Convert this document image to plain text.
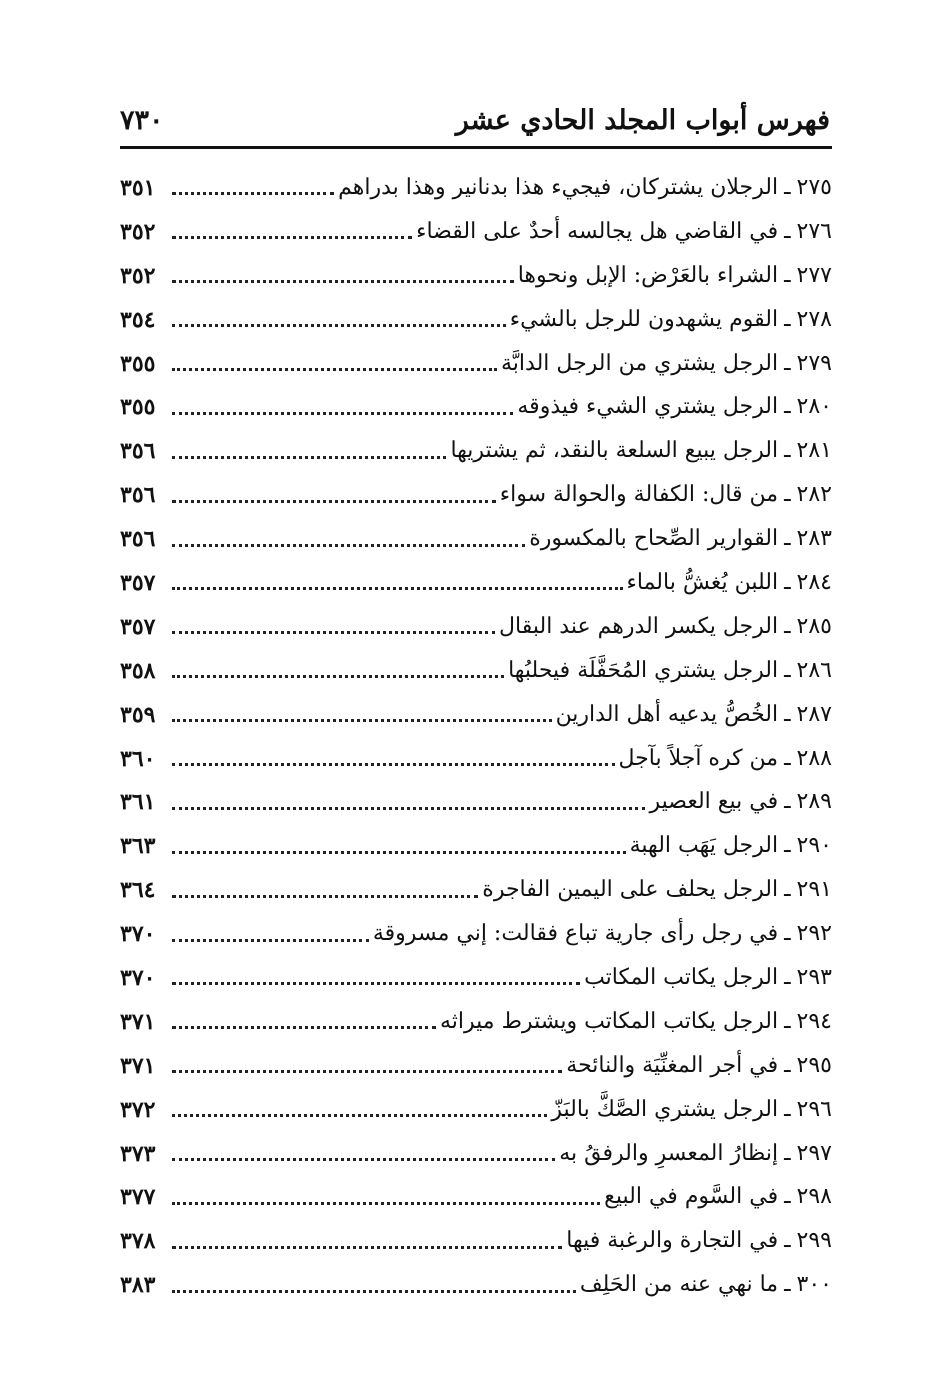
فهرس أبواب المجلد الحادي عشر
٧٣٠
٢٧٥
ـ
الرجلان يشتركان، فيجيء هذا بدنانير وهذا بدراهم
٣٥١
٢٧٦
ـ
في القاضي هل يجالسه أحدٌ على القضاء
٣٥٢
٢٧٧
ـ
الشراء بالعَرْض: الإبل ونحوها
٣٥٢
٢٧٨
ـ
القوم يشهدون للرجل بالشيء
٣٥٤
٢٧٩
ـ
الرجل يشتري من الرجل الدابَّة
٣٥٥
٢٨٠
ـ
الرجل يشتري الشيء فيذوقه
٣٥٥
٢٨١
ـ
الرجل يبيع السلعة بالنقد، ثم يشتريها
٣٥٦
٢٨٢
ـ
من قال: الكفالة والحوالة سواء
٣٥٦
٢٨٣
ـ
القوارير الصِّحاح بالمكسورة
٣٥٦
٢٨٤
ـ
اللبن يُغشُّ بالماء
٣٥٧
٢٨٥
ـ
الرجل يكسر الدرهم عند البقال
٣٥٧
٢٨٦
ـ
الرجل يشتري المُحَفَّلَة فيحلبُها
٣٥٨
٢٨٧
ـ
الخُصُّ يدعيه أهل الدارين
٣٥٩
٢٨٨
ـ
من كره آجلاً بآجل
٣٦٠
٢٨٩
ـ
في بيع العصير
٣٦١
٢٩٠
ـ
الرجل يَهَب الهبة
٣٦٣
٢٩١
ـ
الرجل يحلف على اليمين الفاجرة
٣٦٤
٢٩٢
ـ
في رجل رأى جارية تباع فقالت: إني مسروقة
٣٧٠
٢٩٣
ـ
الرجل يكاتب المكاتب
٣٧٠
٢٩٤
ـ
الرجل يكاتب المكاتب ويشترط ميراثه
٣٧١
٢٩٥
ـ
في أجر المغنِّيَة والنائحة
٣٧١
٢٩٦
ـ
الرجل يشتري الصَّكَّ بالبَزّ
٣٧٢
٢٩٧
ـ
إنظارُ المعسرِ والرفقُ به
٣٧٣
٢٩٨
ـ
في السَّوم في البيع
٣٧٧
٢٩٩
ـ
في التجارة والرغبة فيها
٣٧٨
٣٠٠
ـ
ما نهي عنه من الحَلِف
٣٨٣
